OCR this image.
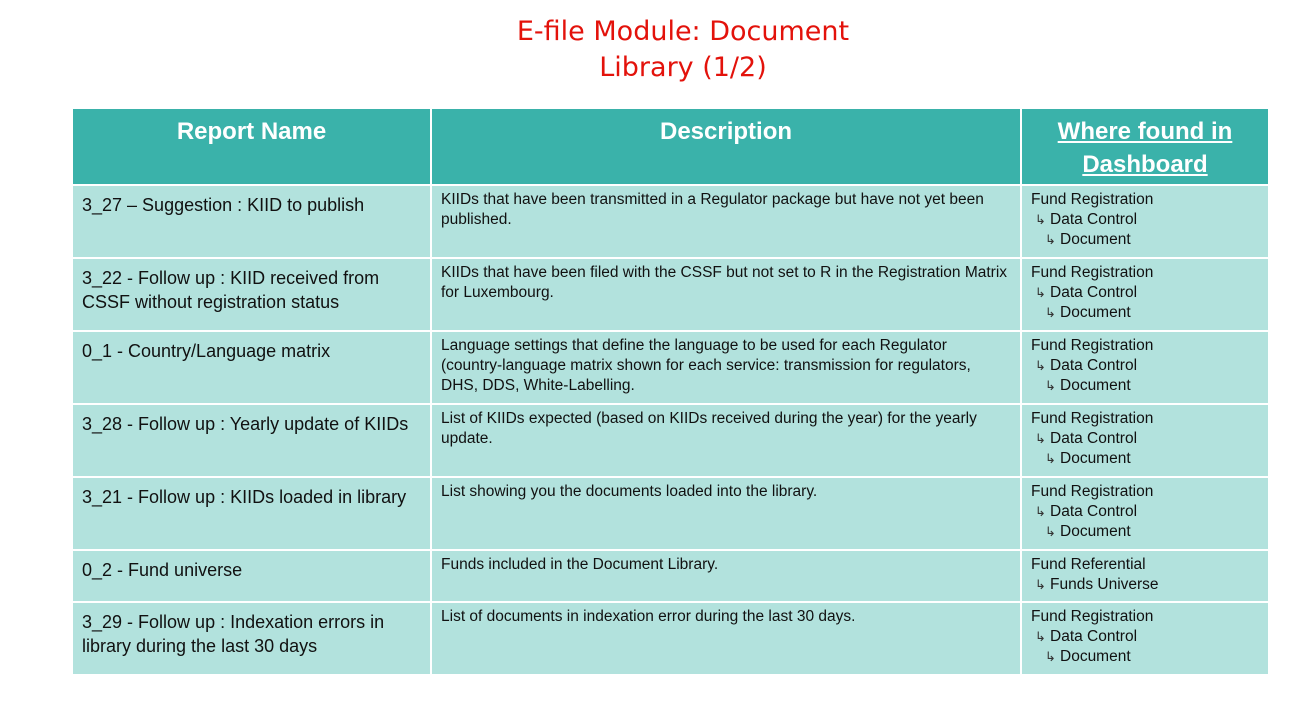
E-file Module: Document
Library (1/2)
Report Name	Description	Where found in
Dashboard
3_27 – Suggestion : KIID to publish	KIIDs that have been transmitted in a Regulator package but have not yet been published.	Fund Registration
↳ Data Control
↳ Document

3_22 - Follow up : KIID received from CSSF without registration status	KIIDs that have been filed with the CSSF but not set to R in the Registration Matrix for Luxembourg.	Fund Registration
↳ Data Control
↳ Document

0_1 - Country/Language matrix	Language settings that define the language to be used for each Regulator (country-language matrix shown for each service: transmission for regulators, DHS, DDS, White-Labelling.	Fund Registration
↳ Data Control
↳ Document

3_28 - Follow up : Yearly update of KIIDs	List of KIIDs expected (based on KIIDs received during the year) for the yearly update.	Fund Registration
↳ Data Control
↳ Document

3_21 - Follow up : KIIDs loaded in library	List showing you the documents loaded into the library.	Fund Registration
↳ Data Control
↳ Document

0_2 - Fund universe	Funds included in the Document Library.	Fund Referential
↳ Funds Universe

3_29 - Follow up : Indexation errors in library during the last 30 days	List of documents in indexation error during the last 30 days.	Fund Registration
↳ Data Control
↳ Document
